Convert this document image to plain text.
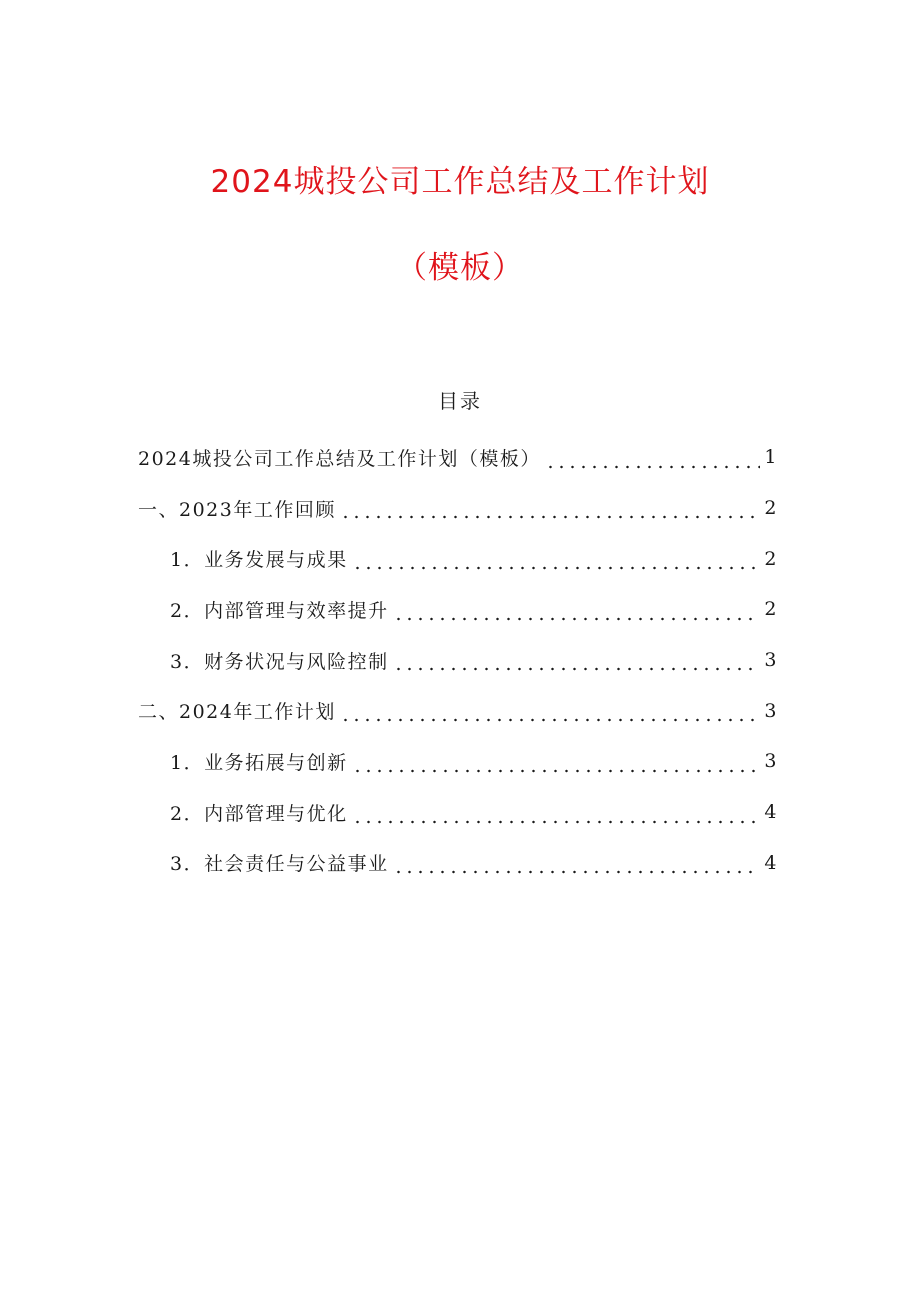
2024城投公司工作总结及工作计划
（模板）
目录
2024城投公司工作总结及工作计划（模板）	1
一、2023年工作回顾	2
1．业务发展与成果	2
2．内部管理与效率提升	2
3．财务状况与风险控制	3
二、2024年工作计划	3
1．业务拓展与创新	3
2．内部管理与优化	4
3．社会责任与公益事业	4
